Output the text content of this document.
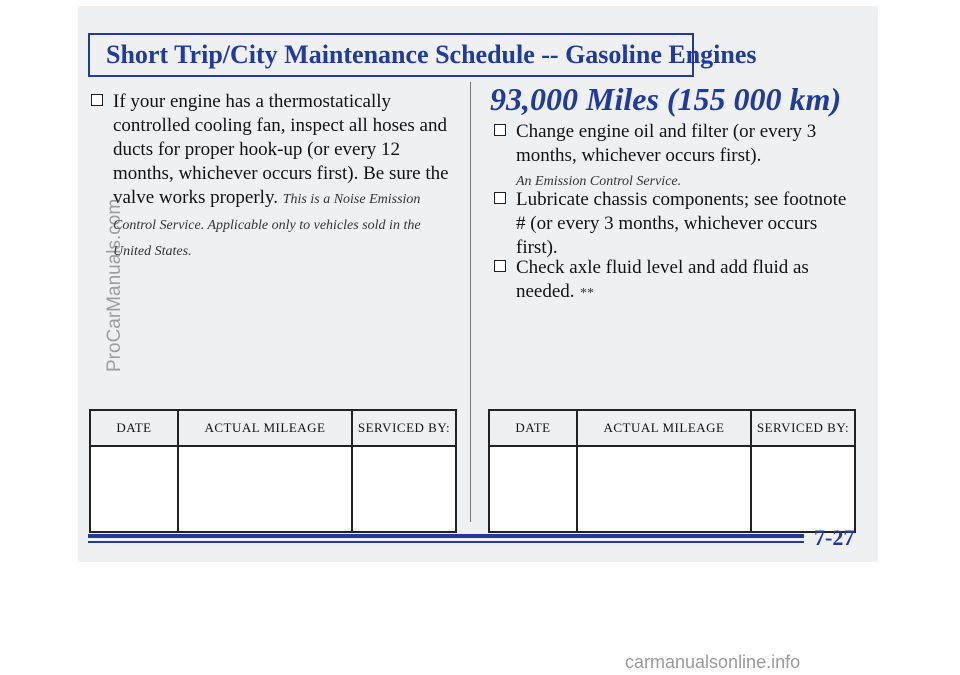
Short Trip/City Maintenance Schedule -- Gasoline Engines
If your engine has a thermostatically controlled cooling fan, inspect all hoses and ducts for proper hook-up (or every 12 months, whichever occurs first). Be sure the valve works properly. This is a Noise Emission Control Service. Applicable only to vehicles sold in the United States.
93,000 Miles (155 000 km)
Change engine oil and filter (or every 3 months, whichever occurs first).
An Emission Control Service.
Lubricate chassis components; see footnote # (or every 3 months, whichever occurs first).
Check axle fluid level and add fluid as needed. **
DATE	ACTUAL MILEAGE	SERVICED BY:
			DATE	ACTUAL MILEAGE	SERVICED BY:

7-27
ProCarManuals.com
carmanualsonline.info
